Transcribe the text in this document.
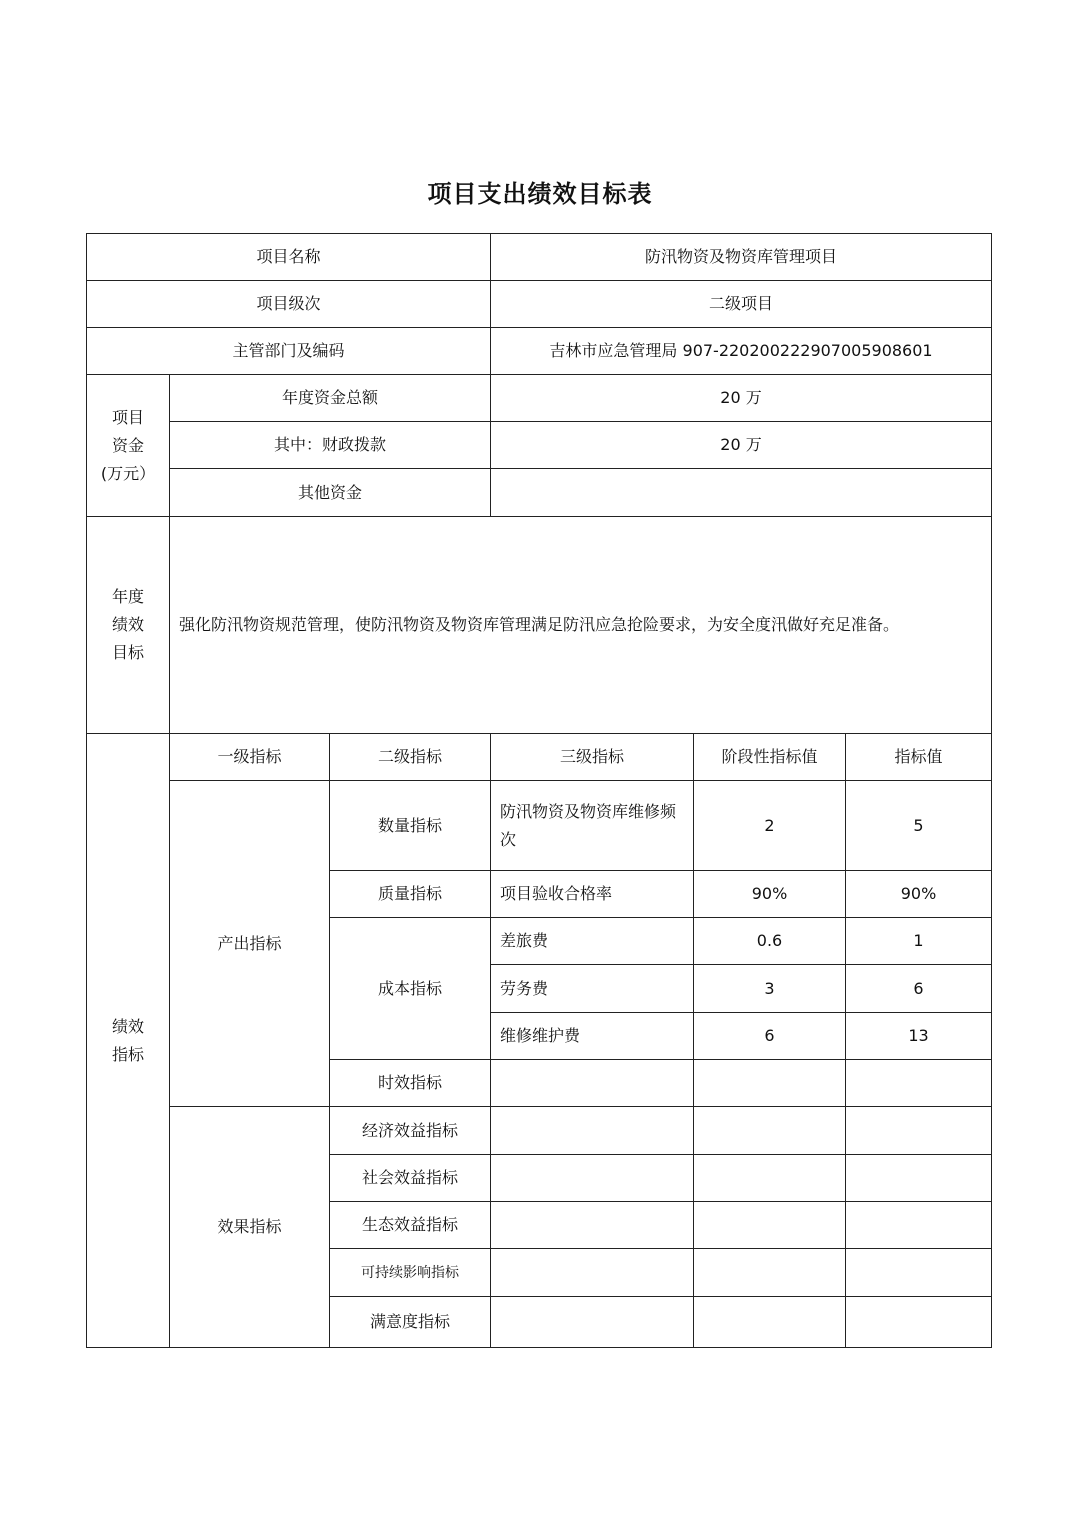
项目支出绩效目标表
项目名称			防汛物资及物资库管理项目		
项目级次			二级项目		
主管部门及编码			吉林市应急管理局 907-220200222907005908601		

项目
资金
(万元）	年度资金总额		20 万		
	其中：财政拨款		20 万		
	其他资金				

年度
绩效
目标	强化防汛物资规范管理，使防汛物资及物资库管理满足防汛应急抢险要求，为安全度汛做好充足准备。				

绩效
指标	一级指标	二级指标	三级指标	阶段性指标值	指标值
	产出指标	数量指标	防汛物资及物资库维修频次	2	5
		质量指标	项目验收合格率	90%	90%
		成本指标	差旅费	0.6	1
			劳务费	3	6
			维修维护费	6	13
		时效指标			
	效果指标	经济效益指标			
		社会效益指标			
		生态效益指标			
		可持续影响指标			
		满意度指标			
